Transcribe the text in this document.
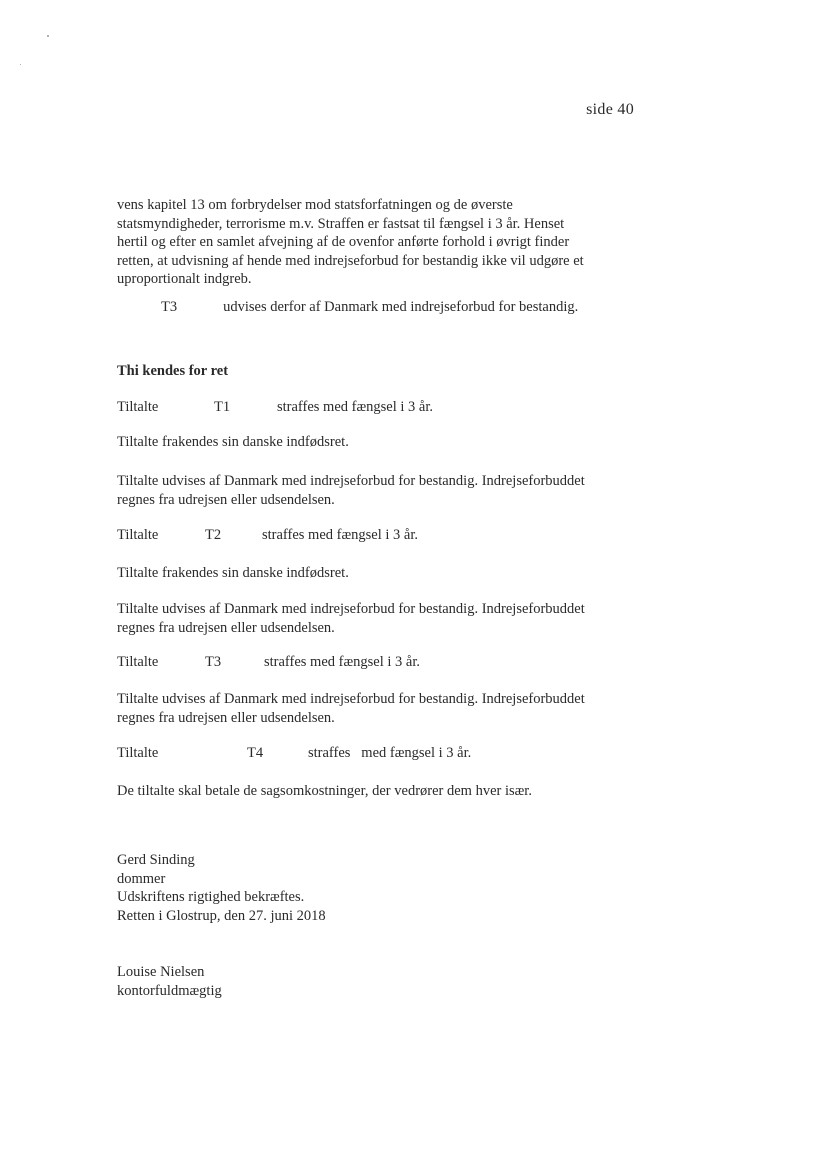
side 40
vens kapitel 13 om forbrydelser mod statsforfatningen og de øverste statsmyndigheder, terrorisme m.v. Straffen er fastsat til fængsel i 3 år. Henset hertil og efter en samlet afvejning af de ovenfor anførte forhold i øvrigt finder retten, at udvisning af hende med indrejseforbud for bestandig ikke vil udgøre et uproportionalt indgreb.
T3	udvises derfor af Danmark med indrejseforbud for bestandig.
Thi kendes for ret
Tiltalte	T1	straffes med fængsel i 3 år.
Tiltalte frakendes sin danske indfødsret.
Tiltalte udvises af Danmark med indrejseforbud for bestandig. Indrejseforbuddet regnes fra udrejsen eller udsendelsen.
Tiltalte	T2	straffes med fængsel i 3 år.
Tiltalte frakendes sin danske indfødsret.
Tiltalte udvises af Danmark med indrejseforbud for bestandig. Indrejseforbuddet regnes fra udrejsen eller udsendelsen.
Tiltalte	T3	straffes med fængsel i 3 år.
Tiltalte udvises af Danmark med indrejseforbud for bestandig. Indrejseforbuddet regnes fra udrejsen eller udsendelsen.
Tiltalte	T4	straffes   med fængsel i 3 år.
De tiltalte skal betale de sagsomkostninger, der vedrører dem hver især.
Gerd Sinding
dommer
Udskriftens rigtighed bekræftes.
Retten i Glostrup, den 27. juni 2018
Louise Nielsen
kontorfuldmægtig
